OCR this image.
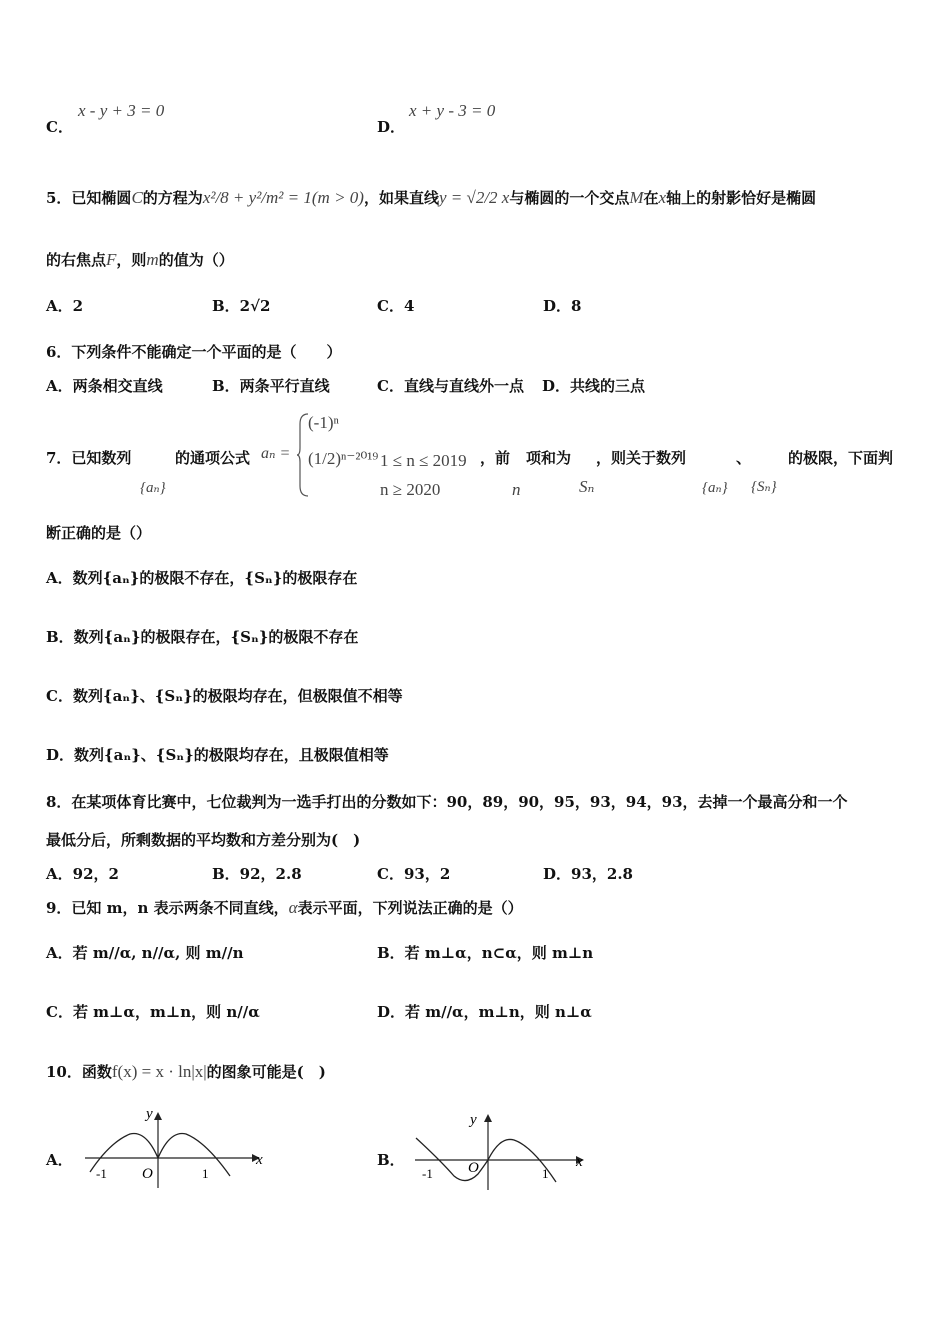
C．
x - y + 3 = 0
D．
x + y - 3 = 0
5．已知椭圆C的方程为x²/8 + y²/m² = 1(m > 0)，如果直线y = √2/2 x与椭圆的一个交点M在x轴上的射影恰好是椭圆
的右焦点F，则m的值为（）
A．2	B．2√2	C．4	D．8
6．下列条件不能确定一个平面的是（　　）
A．两条相交直线	B．两条平行直线	C．直线与直线外一点 D．共线的三点
7．已知数列
{aₙ}
的通项公式 aₙ =
(-1)ⁿ
(1/2)ⁿ⁻²⁰¹⁹ 1 ≤ n ≤ 2019
n ≥ 2020
，前
n
项和为
Sₙ
，则关于数列
{aₙ}
、
{Sₙ}
的极限，下面判
断正确的是（）
A．数列{aₙ}的极限不存在，{Sₙ}的极限存在
B．数列{aₙ}的极限存在，{Sₙ}的极限不存在
C．数列{aₙ}、{Sₙ}的极限均存在，但极限值不相等
D．数列{aₙ}、{Sₙ}的极限均存在，且极限值相等
8．在某项体育比赛中，七位裁判为一选手打出的分数如下：90，89，90，95，93，94，93，去掉一个最高分和一个
最低分后，所剩数据的平均数和方差分别为(　)
A．92，2	B．92，2.8	C．93，2	D．93，2.8
9．已知 m，n 表示两条不同直线，α表示平面，下列说法正确的是（）
A．若 m//α, n//α, 则 m//n	B．若 m⊥α，n⊂α，则 m⊥n
C．若 m⊥α，m⊥n，则 n//α	D．若 m//α，m⊥n，则 n⊥α
10．函数f(x) = x · ln|x|的图象可能是(　)
A．
y
x
O
-1	1
B．
y
x
O
-1	1
